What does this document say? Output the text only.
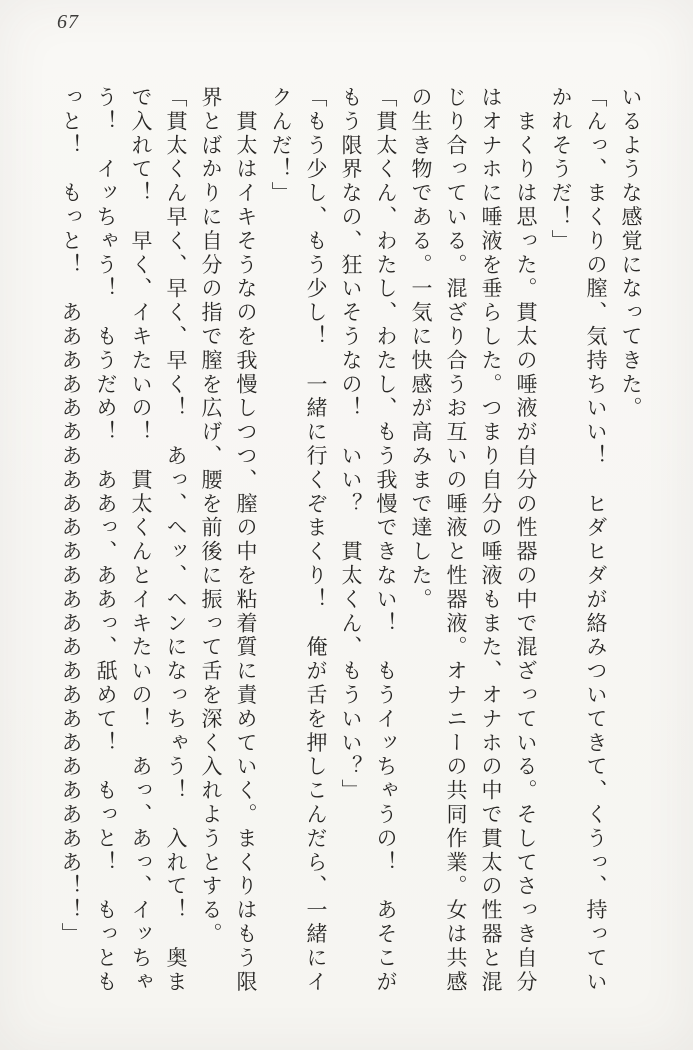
67

いるような感覚になってきた。

「んっ、まくりの膣、気持ちいい！　ヒダヒダが絡みついてきて、くうっ、持ってい

かれそうだ！」

　まくりは思った。貫太の唾液が自分の性器の中で混ざっている。そしてさっき自分

はオナホに唾液を垂らした。つまり自分の唾液もまた、オナホの中で貫太の性器と混

じり合っている。混ざり合うお互いの唾液と性器液。オナニーの共同作業。女は共感

の生き物である。一気に快感が高みまで達した。

「貫太くん、わたし、わたし、もう我慢できない！　もうイッちゃうの！　あそこが

もう限界なの、狂いそうなの！　いい？　貫太くん、もういい？」

「もう少し、もう少し！　一緒に行くぞまくり！　俺が舌を押しこんだら、一緒にイ

クんだ！」

　貫太はイキそうなのを我慢しつつ、膣の中を粘着質に責めていく。まくりはもう限

界とばかりに自分の指で膣を広げ、腰を前後に振って舌を深く入れようとする。

「貫太くん早く、早く、早く！　あっ、ヘッ、ヘンになっちゃう！　入れて！　奥ま

で入れて！　早く、イキたいの！　貫太くんとイキたいの！　あっ、あっ、イッちゃ

う！　イッちゃう！　もうだめ！　ああっ、ああっ、舐めて！　もっと！　もっとも

っと！　もっと！　ああああああああああああああああああああああああ！！」
